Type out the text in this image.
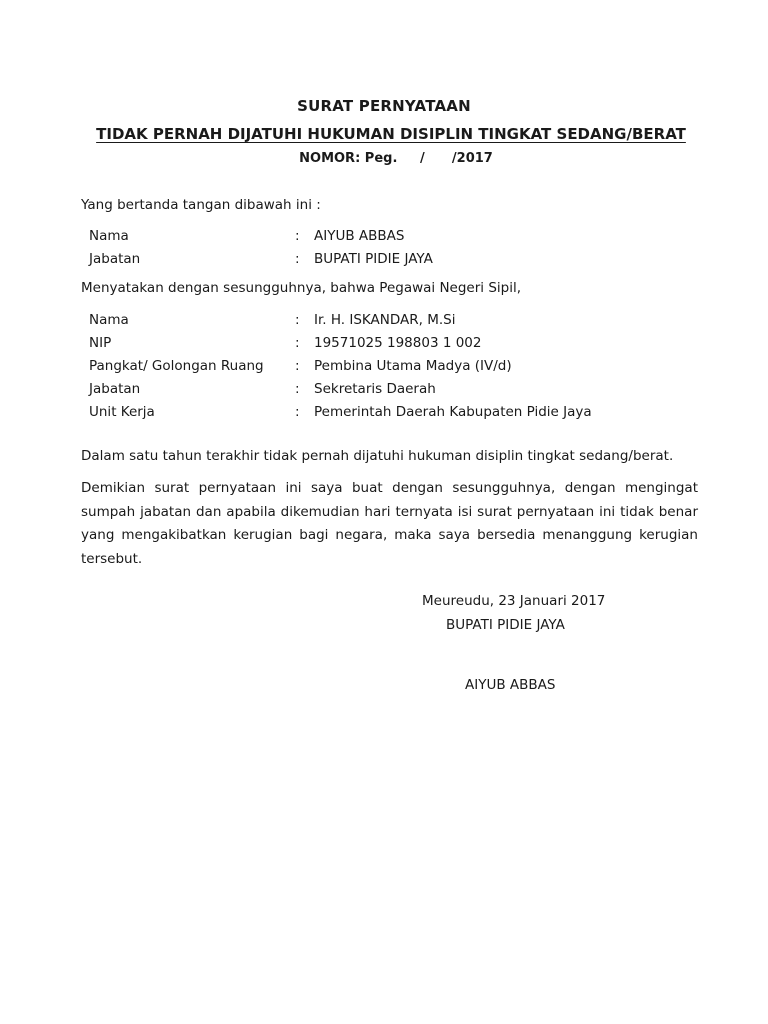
SURAT PERNYATAAN
TIDAK PERNAH DIJATUHI HUKUMAN DISIPLIN TINGKAT SEDANG/BERAT
NOMOR: Peg.     /      /2017
Yang bertanda tangan dibawah ini :
Nama	: AIYUB ABBAS
Jabatan	: BUPATI PIDIE JAYA
Menyatakan dengan sesungguhnya, bahwa Pegawai Negeri Sipil,
Nama	: Ir. H. ISKANDAR, M.Si
NIP	: 19571025 198803 1 002
Pangkat/ Golongan Ruang : Pembina Utama Madya (IV/d)
Jabatan	: Sekretaris Daerah
Unit Kerja	: Pemerintah Daerah Kabupaten Pidie Jaya
Dalam satu tahun terakhir tidak pernah dijatuhi hukuman disiplin tingkat sedang/berat.
Demikian surat pernyataan ini saya buat dengan sesungguhnya, dengan mengingat sumpah jabatan dan apabila dikemudian hari ternyata isi surat pernyataan ini tidak benar yang mengakibatkan kerugian bagi negara, maka saya bersedia menanggung kerugian tersebut.
Meureudu, 23 Januari 2017
BUPATI PIDIE JAYA
AIYUB ABBAS
